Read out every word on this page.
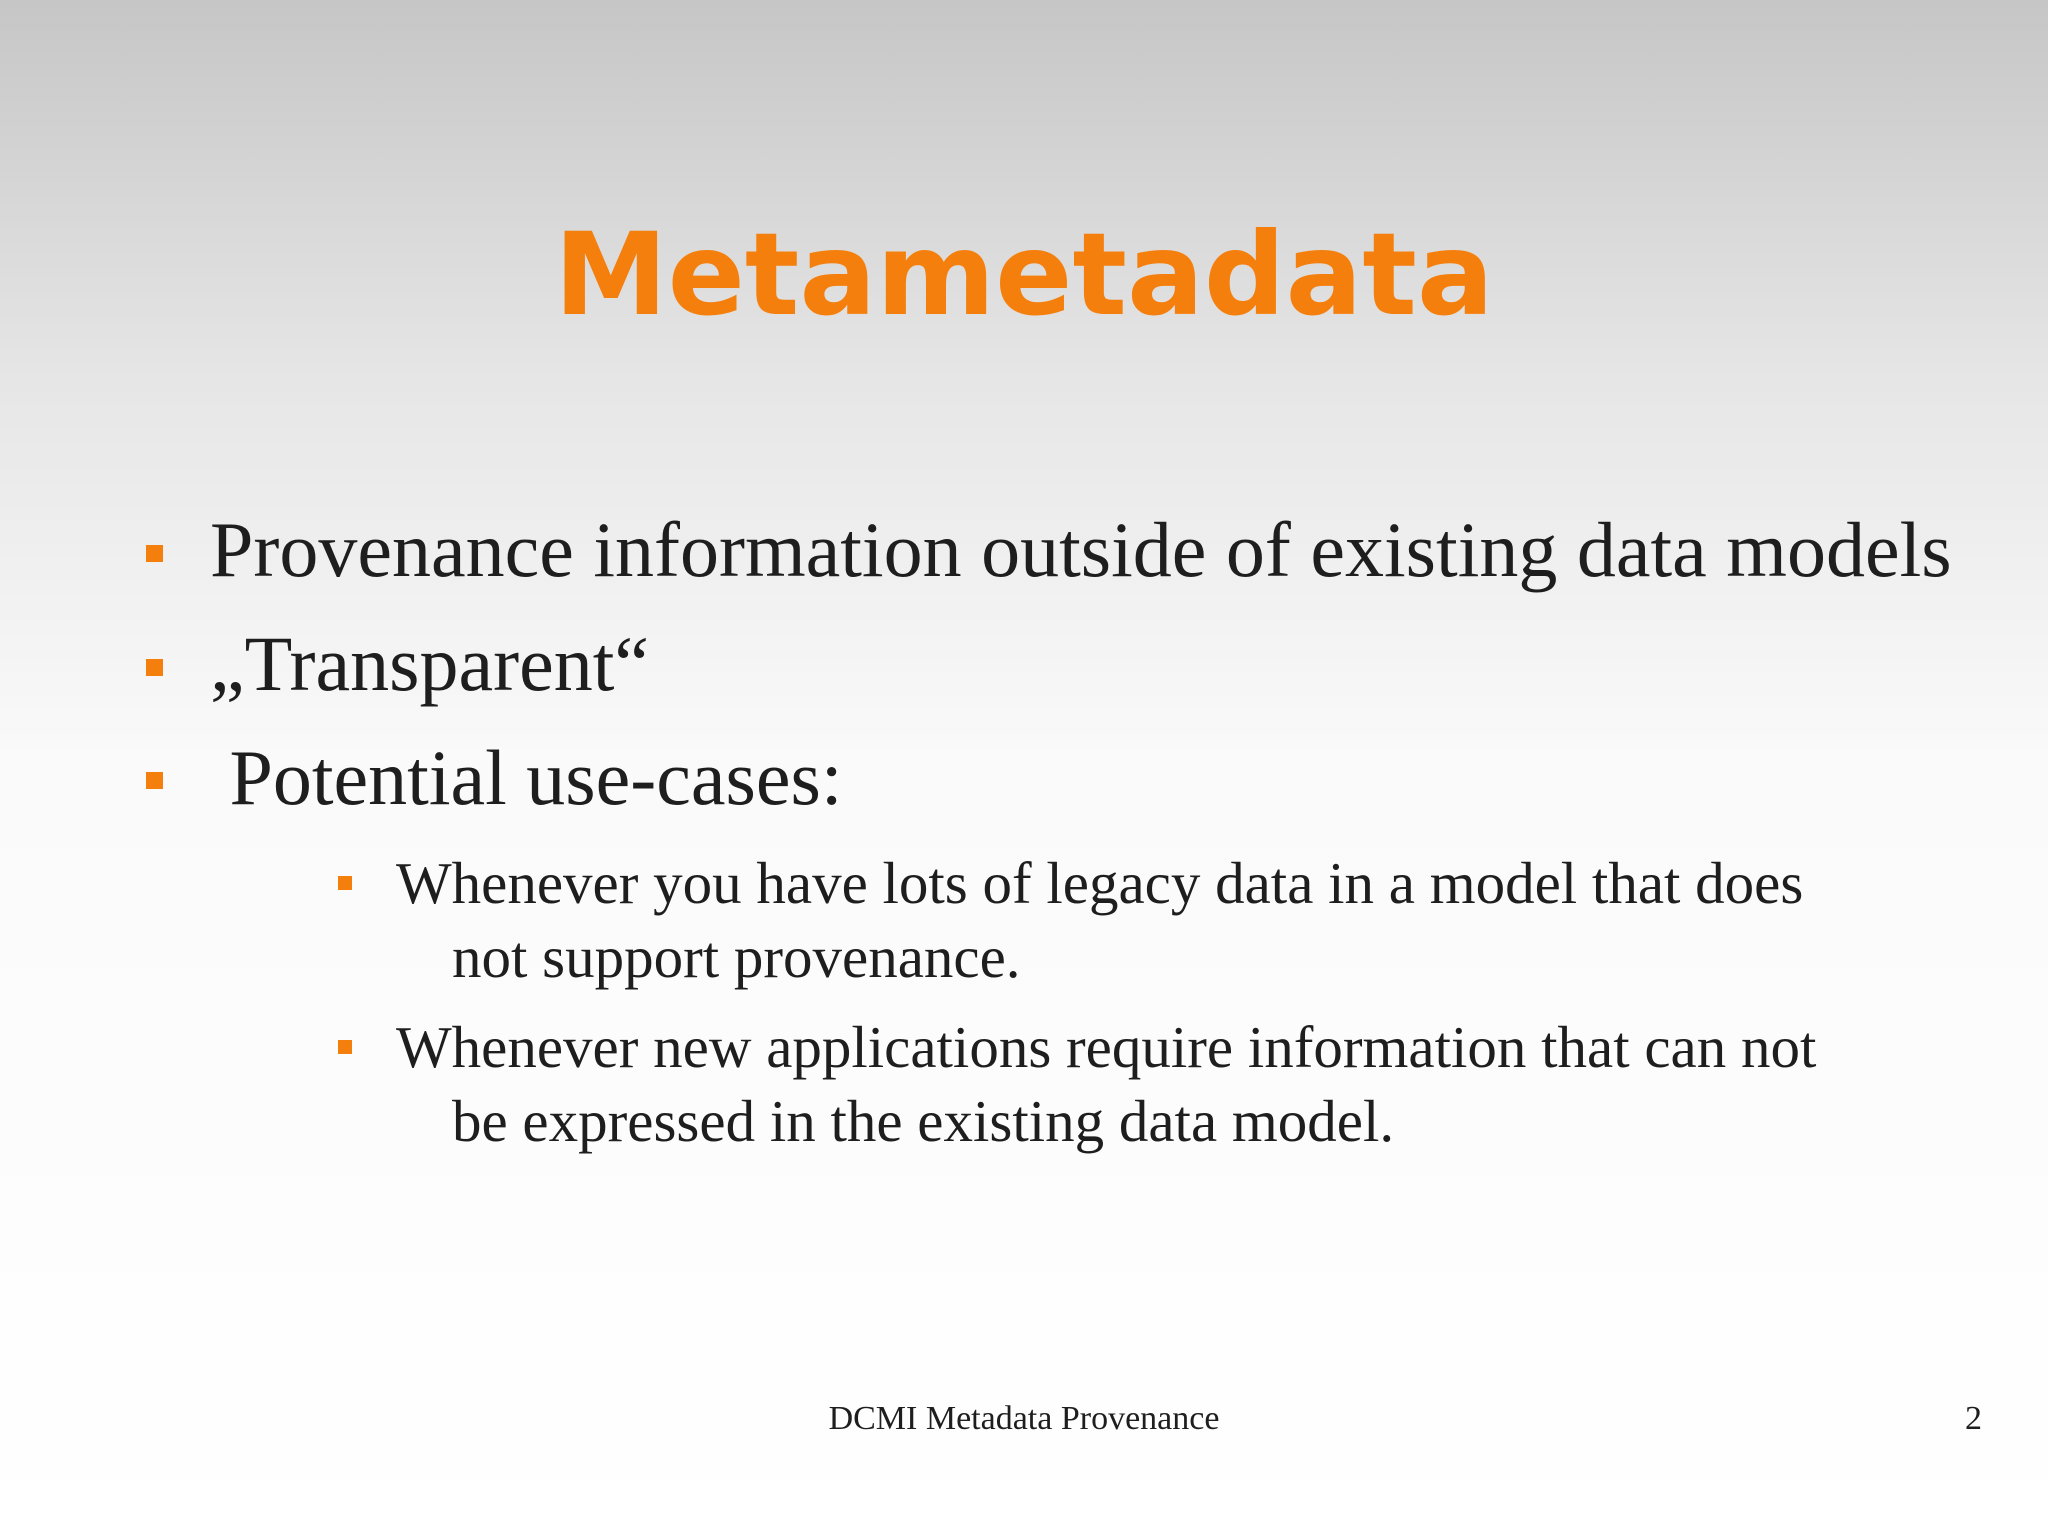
Metametadata
Provenance information outside of existing data models
„Transparent“
Potential use-cases:
Whenever you have lots of legacy data in a model that does
not support provenance.
Whenever new applications require information that can not
be expressed in the existing data model.
DCMI Metadata Provenance	2
